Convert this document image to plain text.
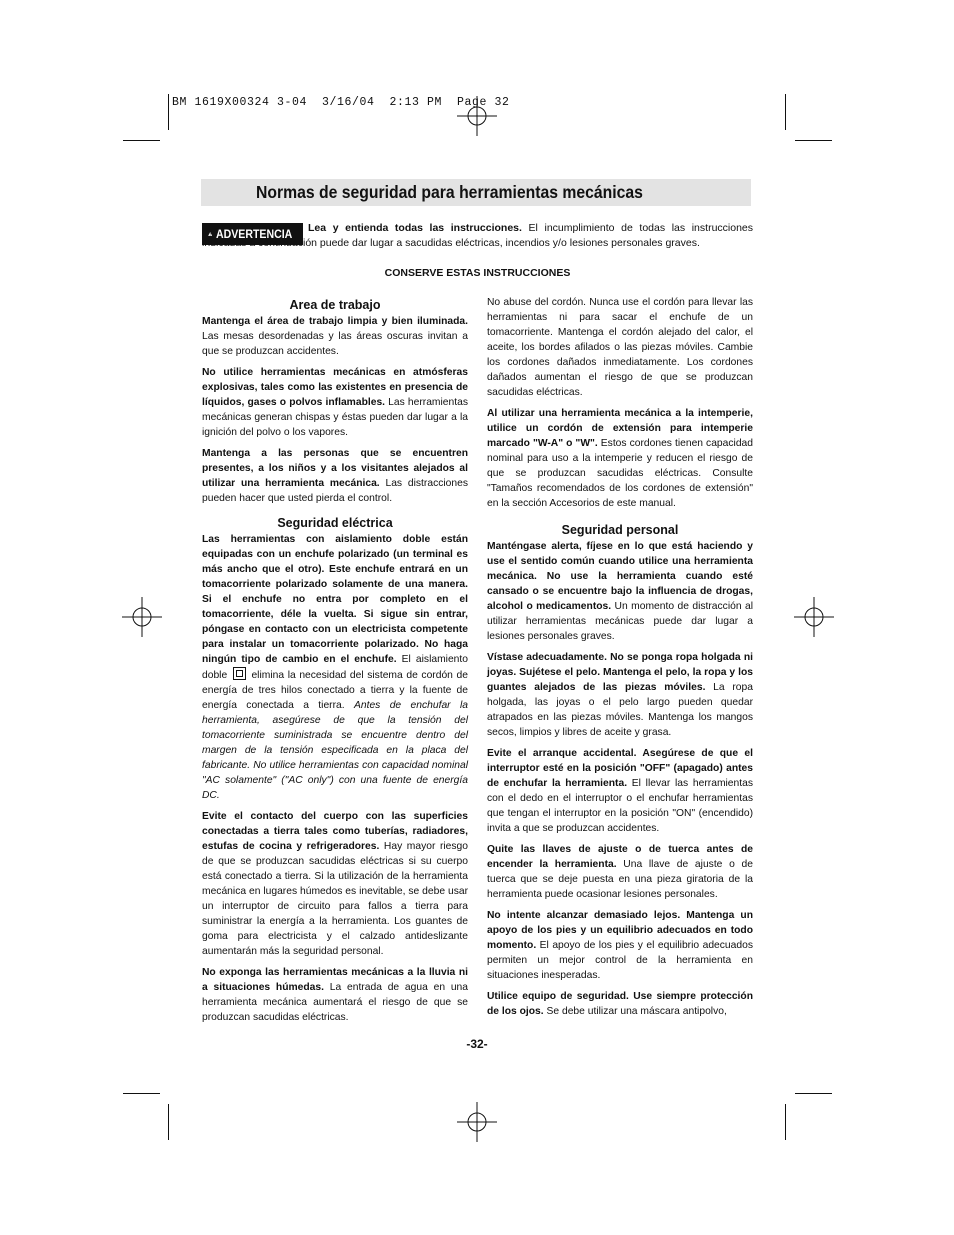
BM 1619X00324 3-04  3/16/04  2:13 PM  Page 32
Normas de seguridad para herramientas mecánicas
ADVERTENCIA	Lea y entienda todas las instrucciones. El incumplimiento de todas las instrucciones indicadas a continuación puede dar lugar a sacudidas eléctricas, incendios y/o lesiones personales graves.
CONSERVE ESTAS INSTRUCCIONES
Area de trabajo

Mantenga el área de trabajo limpia y bien iluminada. Las mesas desordenadas y las áreas oscuras invitan a que se produzcan accidentes.

No utilice herramientas mecánicas en atmósferas explosivas, tales como las existentes en presencia de líquidos, gases o polvos inflamables. Las herramientas mecánicas generan chispas y éstas pueden dar lugar a la ignición del polvo o los vapores.

Mantenga a las personas que se encuentren presentes, a los niños y a los visitantes alejados al utilizar una herramienta mecánica. Las distracciones pueden hacer que usted pierda el control.

Seguridad eléctrica

Las herramientas con aislamiento doble están equipadas con un enchufe polarizado (un terminal es más ancho que el otro). Este enchufe entrará en un tomacorriente polarizado solamente de una manera. Si el enchufe no entra por completo en el tomacorriente, déle la vuelta. Si sigue sin entrar, póngase en contacto con un electricista competente para instalar un tomacorriente polarizado. No haga ningún tipo de cambio en el enchufe. El aislamiento doble elimina la necesidad del sistema de cordón de energía de tres hilos conectado a tierra y la fuente de energía conectada a tierra. Antes de enchufar la herramienta, asegúrese de que la tensión del tomacorriente suministrada se encuentre dentro del margen de la tensión especificada en la placa del fabricante. No utilice herramientas con capacidad nominal "AC solamente" ("AC only") con una fuente de energía DC.

Evite el contacto del cuerpo con las superficies conectadas a tierra tales como tuberías, radiadores, estufas de cocina y refrigeradores. Hay mayor riesgo de que se produzcan sacudidas eléctricas si su cuerpo está conectado a tierra. Si la utilización de la herramienta mecánica en lugares húmedos es inevitable, se debe usar un interruptor de circuito para fallos a tierra para suministrar la energía a la herramienta. Los guantes de goma para electricista y el calzado antideslizante aumentarán más la seguridad personal.

No exponga las herramientas mecánicas a la lluvia ni a situaciones húmedas. La entrada de agua en una herramienta mecánica aumentará el riesgo de que se produzcan sacudidas eléctricas.

No abuse del cordón. Nunca use el cordón para llevar las herramientas ni para sacar el enchufe de un tomacorriente. Mantenga el cordón alejado del calor, el aceite, los bordes afilados o las piezas móviles. Cambie los cordones dañados inmediatamente. Los cordones dañados aumentan el riesgo de que se produzcan sacudidas eléctricas.

Al utilizar una herramienta mecánica a la intemperie, utilice un cordón de extensión para intemperie marcado "W-A" o "W". Estos cordones tienen capacidad nominal para uso a la intemperie y reducen el riesgo de que se produzcan sacudidas eléctricas. Consulte "Tamaños recomendados de los cordones de extensión" en la sección Accesorios de este manual.

Seguridad personal

Manténgase alerta, fíjese en lo que está haciendo y use el sentido común cuando utilice una herramienta mecánica. No use la herramienta cuando esté cansado o se encuentre bajo la influencia de drogas, alcohol o medicamentos. Un momento de distracción al utilizar herramientas mecánicas puede dar lugar a lesiones personales graves.

Vístase adecuadamente. No se ponga ropa holgada ni joyas. Sujétese el pelo. Mantenga el pelo, la ropa y los guantes alejados de las piezas móviles. La ropa holgada, las joyas o el pelo largo pueden quedar atrapados en las piezas móviles. Mantenga los mangos secos, limpios y libres de aceite y grasa.

Evite el arranque accidental. Asegúrese de que el interruptor esté en la posición "OFF" (apagado) antes de enchufar la herramienta. El llevar las herramientas con el dedo en el interruptor o el enchufar herramientas que tengan el interruptor en la posición "ON" (encendido) invita a que se produzcan accidentes.

Quite las llaves de ajuste o de tuerca antes de encender la herramienta. Una llave de ajuste o de tuerca que se deje puesta en una pieza giratoria de la herramienta puede ocasionar lesiones personales.

No intente alcanzar demasiado lejos. Mantenga un apoyo de los pies y un equilibrio adecuados en todo momento. El apoyo de los pies y el equilibrio adecuados permiten un mejor control de la herramienta en situaciones inesperadas.

Utilice equipo de seguridad. Use siempre protección de los ojos. Se debe utilizar una máscara antipolvo,

-32-
